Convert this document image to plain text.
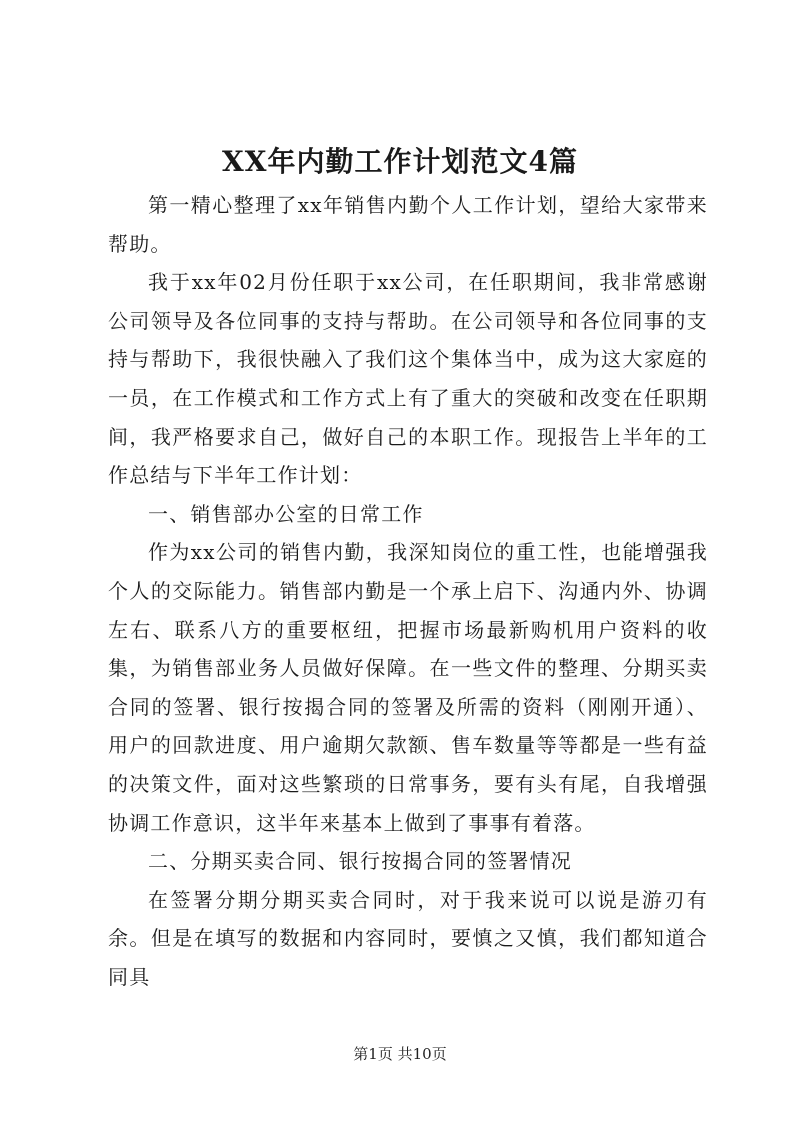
XX年内勤工作计划范文4篇

第一精心整理了xx年销售内勤个人工作计划，望给大家带来帮助。

我于xx年02月份任职于xx公司，在任职期间，我非常感谢公司领导及各位同事的支持与帮助。在公司领导和各位同事的支持与帮助下，我很快融入了我们这个集体当中，成为这大家庭的一员，在工作模式和工作方式上有了重大的突破和改变在任职期间，我严格要求自己，做好自己的本职工作。现报告上半年的工作总结与下半年工作计划：

一、销售部办公室的日常工作

作为xx公司的销售内勤，我深知岗位的重工性，也能增强我个人的交际能力。销售部内勤是一个承上启下、沟通内外、协调左右、联系八方的重要枢纽，把握市场最新购机用户资料的收集，为销售部业务人员做好保障。在一些文件的整理、分期买卖合同的签署、银行按揭合同的签署及所需的资料（刚刚开通）、用户的回款进度、用户逾期欠款额、售车数量等等都是一些有益的决策文件，面对这些繁琐的日常事务，要有头有尾，自我增强协调工作意识，这半年来基本上做到了事事有着落。

二、分期买卖合同、银行按揭合同的签署情况

在签署分期分期买卖合同时，对于我来说可以说是游刃有余。但是在填写的数据和内容同时，要慎之又慎，我们都知道合同具

第1页 共10页
